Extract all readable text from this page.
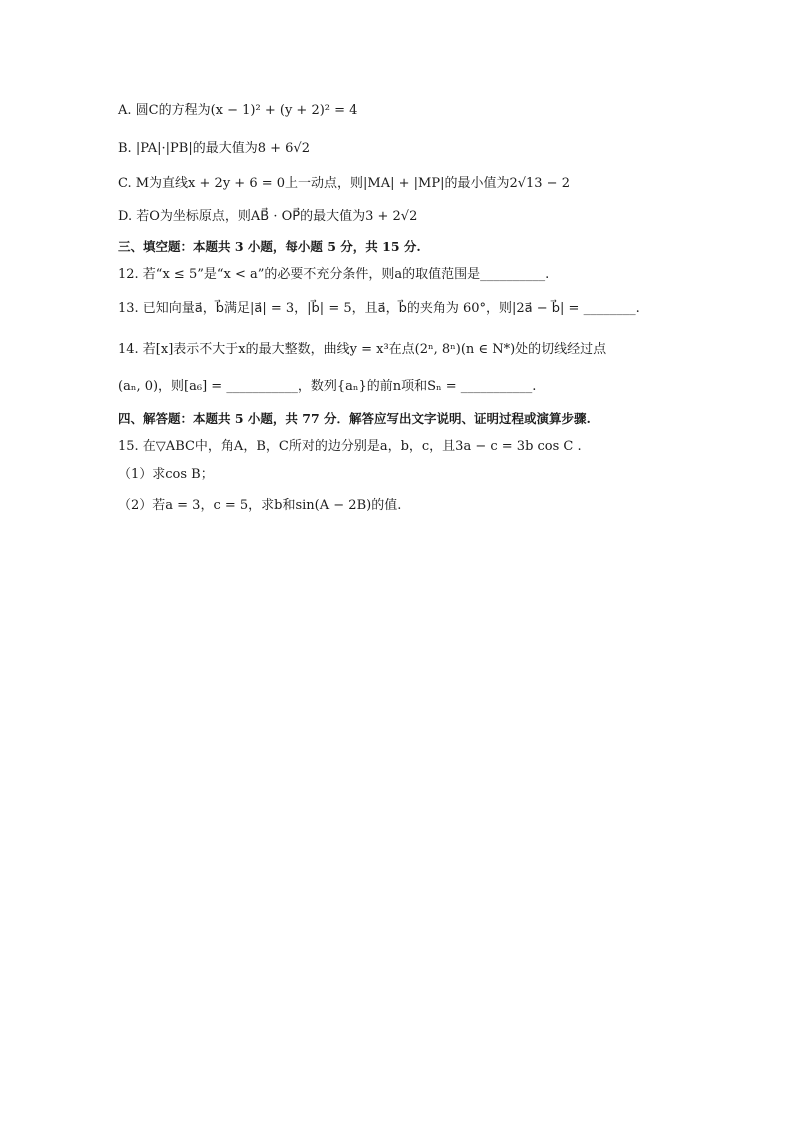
A. 圆C的方程为(x − 1)² + (y + 2)² = 4
B. |PA|·|PB|的最大值为8 + 6√2
C. M为直线x + 2y + 6 = 0上一动点，则|MA| + |MP|的最小值为2√13 − 2
D. 若O为坐标原点，则AB⃗ · OP⃗的最大值为3 + 2√2
三、填空题：本题共 3 小题，每小题 5 分，共 15 分.
12. 若“x ≤ 5”是“x < a”的必要不充分条件，则a的取值范围是__________.
13. 已知向量a⃗，b⃗满足|a⃗| = 3，|b⃗| = 5，且a⃗，b⃗的夹角为 60°，则|2a⃗ − b⃗| = ________.
14. 若[x]表示不大于x的最大整数，曲线y = x³在点(2ⁿ, 8ⁿ)(n ∈ N*)处的切线经过点
(aₙ, 0)，则[a₆] = ___________，数列{aₙ}的前n项和Sₙ = ___________.
四、解答题：本题共 5 小题，共 77 分．解答应写出文字说明、证明过程或演算步骤.
15. 在▽ABC中，角A，B，C所对的边分别是a，b，c，且3a − c = 3b cos C .
（1）求cos B；
（2）若a = 3，c = 5，求b和sin(A − 2B)的值.
